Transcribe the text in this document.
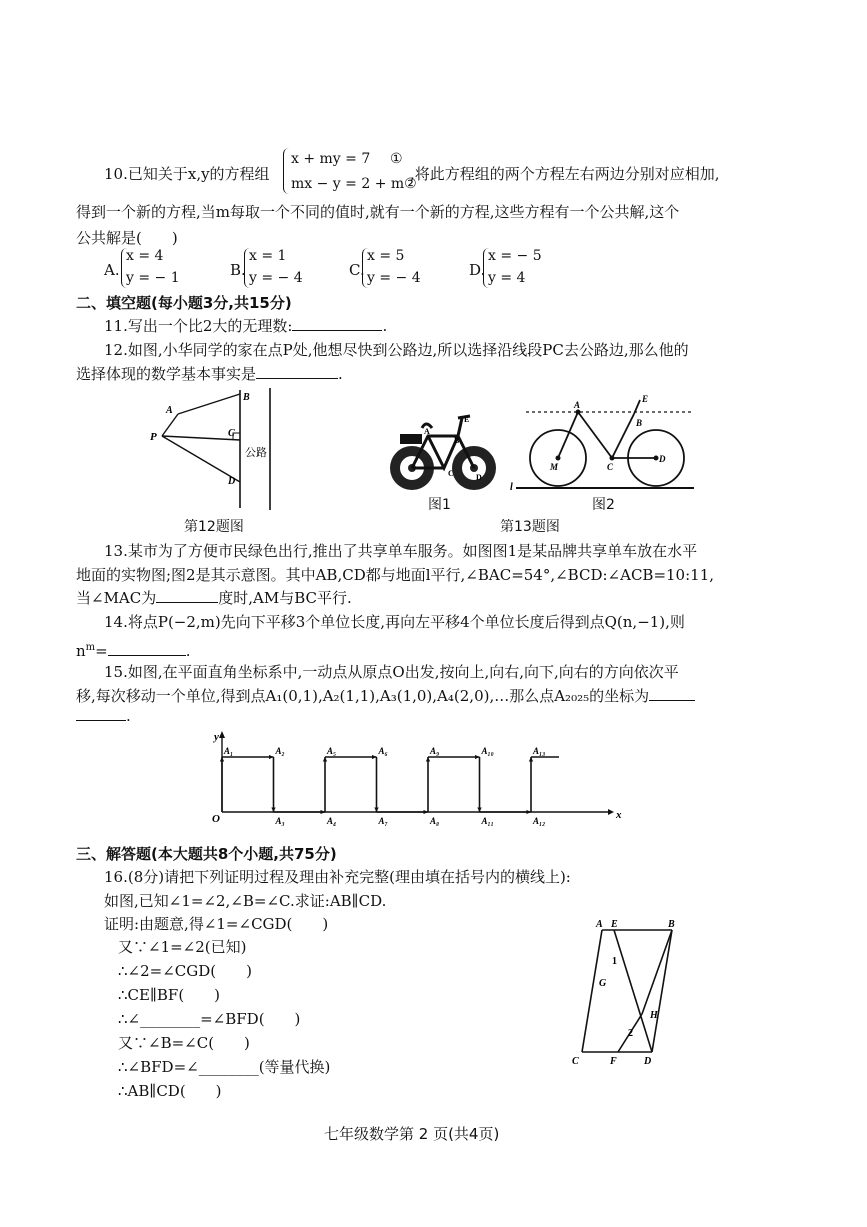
10.已知关于x,y的方程组
x + my = 7 ①
mx − y = 2 + m②
,将此方程组的两个方程左右两边分别对应相加,
得到一个新的方程,当m每取一个不同的值时,就有一个新的方程,这些方程有一个公共解,这个
公共解是(　　)
A.
x = 4
y = − 1	B.
x = 1
y = − 4	C.
x = 5
y = − 4	D.
x = − 5
y = 4
二、填空题(每小题3分,共15分)
11.写出一个比2大的无理数:	.
12.如图,小华同学的家在点P处,他想尽快到公路边,所以选择沿线段PC去公路边,那么他的
选择体现的数学基本事实是	.
P
A
B
C
D
公路
第12题图
A
B
C	D
E
图1
A
B
C
D
E
M
l
图2
第13题图
13.某市为了方便市民绿色出行,推出了共享单车服务。如图图1是某品牌共享单车放在水平
地面的实物图;图2是其示意图。其中AB,CD都与地面l平行,∠BAC=54°,∠BCD:∠ACB=10:11,
当∠MAC为	度时,AM与BC平行.
14.将点P(−2,m)先向下平移3个单位长度,再向左平移4个单位长度后得到点Q(n,−1),则
$n^m=$	.
15.如图,在平面直角坐标系中,一动点从原点O出发,按向上,向右,向下,向右的方向依次平
移,每次移动一个单位,得到点A₁(0,1),A₂(1,1),A₃(1,0),A₄(2,0),…那么点A₂₀₂₅的坐标为
.
O	x
y
A₁	A₂
A₃	A₄
A₅	A₆
A₇	A₈
A₉	A₁₀
A₁₁	A₁₂
A₁₃
三、解答题(本大题共8个小题,共75分)
16.(8分)请把下列证明过程及理由补充完整(理由填在括号内的横线上):
如图,已知∠1=∠2,∠B=∠C.求证:AB∥CD.
证明:由题意,得∠1=∠CGD(　　)
又∵∠1=∠2(已知)
∴∠2=∠CGD(　　)
∴CE∥BF(　　)
∴∠________=∠BFD(　　)
又∵∠B=∠C(　　)
∴∠BFD=∠________(等量代换)
∴AB∥CD(　　)
A E	B
G
1
H
2
C	F	D
七年级数学第 2 页(共4页)
